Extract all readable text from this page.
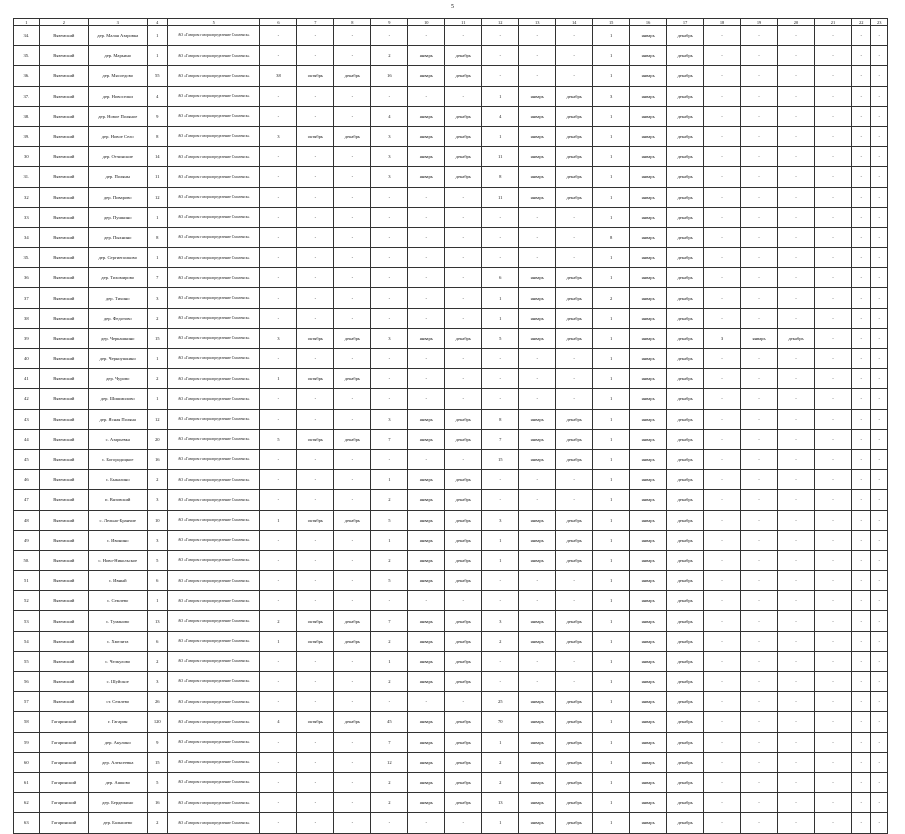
5
1	2	3	4	5	6	7	8	9	10	11	12	13	14	15	16	17	18	19	20	21	22	23
34.	Вяземский	дер. Малая Азаровка	1	АО «Газпром газораспределение Смоленск»	-	-	-	-	-	-	-	-	-	1	январь	декабрь	-	-	-	-	-	-
35.	Вяземский	дер. Марьино	1	АО «Газпром газораспределение Смоленск»	-	-	-	2	январь	декабрь	-	-	-	1	январь	декабрь	-	-	-	-	-	-
36.	Вяземский	дер. Мясоедово	55	АО «Газпром газораспределение Смоленск»	38	октябрь	декабрь	16	январь	декабрь	-	-	-	1	январь	декабрь	-	-	-	-	-	-
37.	Вяземский	дер. Новоселки	4	АО «Газпром газораспределение Смоленск»	-	-	-	-	-	-	1	январь	декабрь	3	январь	декабрь	-	-	-	-	-	-
38.	Вяземский	дер. Новое Поляное	9	АО «Газпром газораспределение Смоленск»	-	-	-	4	январь	декабрь	4	январь	декабрь	1	январь	декабрь	-	-	-	-	-	-
39.	Вяземский	дер. Новое Село	8	АО «Газпром газораспределение Смоленск»	3	октябрь	декабрь	3	январь	декабрь	1	январь	декабрь	1	январь	декабрь	-	-	-	-	-	-
30	Вяземский	дер. Отчинские	14	АО «Газпром газораспределение Смоленск»	-	-	-	3	январь	декабрь	11	январь	декабрь	1	январь	декабрь	-	-	-	-	-	-
31.	Вяземский	дер. Поляны	11	АО «Газпром газораспределение Смоленск»	-	-	-	3	январь	декабрь	8	январь	декабрь	1	январь	декабрь	-	-	-	-	-	-
32	Вяземский	дер. Поварово	12	АО «Газпром газораспределение Смоленск»	-	-	-	-	-	-	11	январь	декабрь	1	январь	декабрь	-	-	-	-	-	-
33	Вяземский	дер. Пушкино	1	АО «Газпром газораспределение Смоленск»	-	-	-	-	-	-	-	-	-	1	январь	декабрь	-	-	-	-	-	-
34	Вяземский	дер. Пыхнино	8	АО «Газпром газораспределение Смоленск»	-	-	-	-	-	-	-	-	-	8	январь	декабрь	-	-	-	-	-	-
35.	Вяземский	дер. Сергиеполково	1	АО «Газпром газораспределение Смоленск»	-	-	-	-	-	-	-	-	-	1	январь	декабрь	-	-	-	-	-	-
36	Вяземский	дер. Тихомирово	7	АО «Газпром газораспределение Смоленск»	-	-	-	-	-	-	6	январь	декабрь	1	январь	декабрь	-	-	-	-	-	-
37	Вяземский	дер. Тихино	3	АО «Газпром газораспределение Смоленск»	-	-	-	-	-	-	1	январь	декабрь	2	январь	декабрь	-	-	-	-	-	-
38	Вяземский	дер. Федотово	2	АО «Газпром газораспределение Смоленск»	-	-	-	-	-	-	1	январь	декабрь	1	январь	декабрь	-	-	-	-	-	-
39	Вяземский	дер. Черкашкино	15	АО «Газпром газораспределение Смоленск»	3	октябрь	декабрь	3	январь	декабрь	5	январь	декабрь	1	январь	декабрь	3	январь	декабрь	-	-	-
40	Вяземский	дер. Черноушкино	1	АО «Газпром газораспределение Смоленск»	-	-	-	-	-	-	-	-	-	1	январь	декабрь	-	-	-	-	-	-
41	Вяземский	дер. Чурово	2	АО «Газпром газораспределение Смоленск»	1	октябрь	декабрь	-	-	-	-	-	-	1	январь	декабрь	-	-	-	-	-	-
42	Вяземский	дер. Шишмилово	1	АО «Газпром газораспределение Смоленск»	-	-	-	-	-	-	-	-	-	1	январь	декабрь	-	-	-	-	-	-
43	Вяземский	дер. Ясная Поляна	12	АО «Газпром газораспределение Смоленск»	-	-	-	3	январь	декабрь	8	январь	декабрь	1	январь	декабрь	-	-	-	-	-	-
44	Вяземский	с. Азарьевка	20	АО «Газпром газораспределение Смоленск»	5	октябрь	декабрь	7	январь	декабрь	7	январь	декабрь	1	январь	декабрь	-	-	-	-	-	-
45	Вяземский	с. Богородицкое	16	АО «Газпром газораспределение Смоленск»	-	-	-	-	-	-	15	январь	декабрь	1	январь	декабрь	-	-	-	-	-	-
46	Вяземский	с. Быкалино	2	АО «Газпром газораспределение Смоленск»	-	-	-	1	январь	декабрь	-	-	-	1	январь	декабрь	-	-	-	-	-	-
47	Вяземский	п. Вязовский	3	АО «Газпром газораспределение Смоленск»	-	-	-	2	январь	декабрь	-	-	-	1	январь	декабрь	-	-	-	-	-	-
48	Вяземский	с. Лельно-Бранчие	10	АО «Газпром газораспределение Смоленск»	1	октябрь	декабрь	5	январь	декабрь	3	январь	декабрь	1	январь	декабрь	-	-	-	-	-	-
49	Вяземский	с. Ивонино	3	АО «Газпром газораспределение Смоленск»	-	-	-	1	январь	декабрь	1	январь	декабрь	1	январь	декабрь	-	-	-	-	-	-
50.	Вяземский	с. Ново-Никольское	5	АО «Газпром газораспределение Смоленск»	-	-	-	2	январь	декабрь	1	январь	декабрь	1	январь	декабрь	-	-	-	-	-	-
51	Вяземский	с. Ивный	6	АО «Газпром газораспределение Смоленск»	-	-	-	5	январь	декабрь	-	-	-	1	январь	декабрь	-	-	-	-	-	-
52	Вяземский	с. Семлево	1	АО «Газпром газораспределение Смоленск»	-	-	-	-	-	-	-	-	-	1	январь	декабрь	-	-	-	-	-	-
53	Вяземский	с. Туманово	13	АО «Газпром газораспределение Смоленск»	2	октябрь	декабрь	7	январь	декабрь	3	январь	декабрь	1	январь	декабрь	-	-	-	-	-	-
54	Вяземский	с. Хмелита	6	АО «Газпром газораспределение Смоленск»	1	октябрь	декабрь	2	январь	декабрь	2	январь	декабрь	1	январь	декабрь	-	-	-	-	-	-
55	Вяземский	с. Челкулово	2	АО «Газпром газораспределение Смоленск»	-	-	-	1	январь	декабрь	-	-	-	1	январь	декабрь	-	-	-	-	-	-
56	Вяземский	с. Шуйское	3	АО «Газпром газораспределение Смоленск»	-	-	-	2	январь	декабрь	-	-	-	1	январь	декабрь	-	-	-	-	-	-
57	Вяземский	ст. Семлево	26	АО «Газпром газораспределение Смоленск»	-	-	-	-	-	-	25	январь	декабрь	1	январь	декабрь	-	-	-	-	-	-
58	Гагаринский	г. Гагарин	120	АО «Газпром газораспределение Смоленск»	4	октябрь	декабрь	45	январь	декабрь	70	январь	декабрь	1	январь	декабрь	-	-	-	-	-	-
59	Гагаринский	дер. Акулино	9	АО «Газпром газораспределение Смоленск»	-	-	-	7	январь	декабрь	1	январь	декабрь	1	январь	декабрь	-	-	-	-	-	-
60	Гагаринский	дер. Алексеевка	15	АО «Газпром газораспределение Смоленск»	-	-	-	12	январь	декабрь	2	январь	декабрь	1	январь	декабрь	-	-	-	-	-	-
61	Гагаринский	дер. Ашково	5	АО «Газпром газораспределение Смоленск»	-	-	-	2	январь	декабрь	2	январь	декабрь	1	январь	декабрь	-	-	-	-	-	-
62	Гагаринский	дер. Бердюкино	16	АО «Газпром газораспределение Смоленск»	-	-	-	2	январь	декабрь	13	январь	декабрь	1	январь	декабрь	-	-	-	-	-	-
63	Гагаринский	дер. Балышево	2	АО «Газпром газораспределение Смоленск»	-	-	-	-	-	-	1	январь	декабрь	1	январь	декабрь	-	-	-	-	-	-
